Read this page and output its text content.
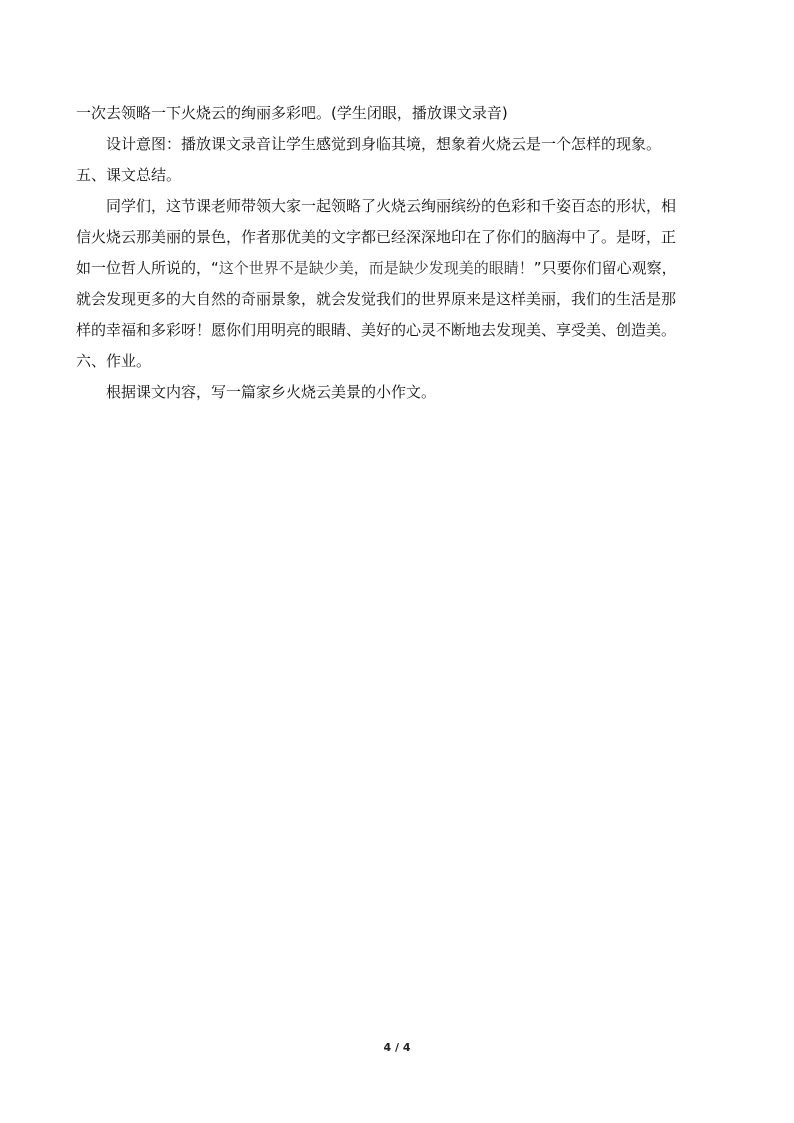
一次去领略一下火烧云的绚丽多彩吧。(学生闭眼，播放课文录音)

设计意图：播放课文录音让学生感觉到身临其境，想象着火烧云是一个怎样的现象。

五、课文总结。

同学们，这节课老师带领大家一起领略了火烧云绚丽缤纷的色彩和千姿百态的形状，相

信火烧云那美丽的景色，作者那优美的文字都已经深深地印在了你们的脑海中了。是呀，正

如一位哲人所说的，“这个世界不是缺少美，而是缺少发现美的眼睛！”只要你们留心观察，

就会发现更多的大自然的奇丽景象，就会发觉我们的世界原来是这样美丽，我们的生活是那

样的幸福和多彩呀！愿你们用明亮的眼睛、美好的心灵不断地去发现美、享受美、创造美。

六、作业。

根据课文内容，写一篇家乡火烧云美景的小作文。

4 / 4
